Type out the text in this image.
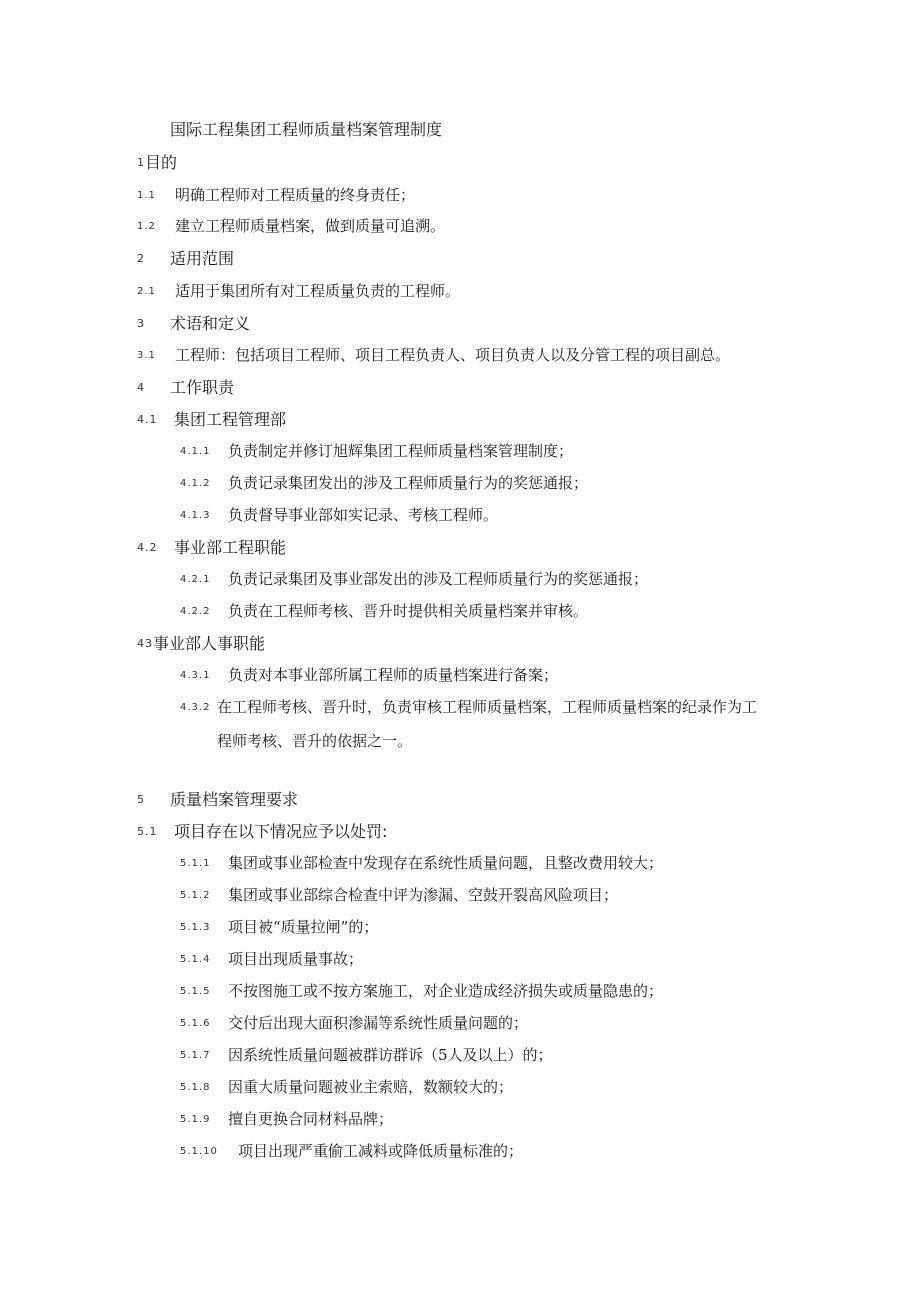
国际工程集团工程师质量档案管理制度
1目的
1.1 明确工程师对工程质量的终身责任；
1.2 建立工程师质量档案，做到质量可追溯。
2 适用范围
2.1 适用于集团所有对工程质量负责的工程师。
3 术语和定义
3.1 工程师：包括项目工程师、项目工程负责人、项目负责人以及分管工程的项目副总。
4 工作职责
4.1 集团工程管理部
4.1.1 负责制定并修订旭辉集团工程师质量档案管理制度；
4.1.2 负责记录集团发出的涉及工程师质量行为的奖惩通报；
4.1.3 负责督导事业部如实记录、考核工程师。
4.2 事业部工程职能
4.2.1 负责记录集团及事业部发出的涉及工程师质量行为的奖惩通报；
4.2.2 负责在工程师考核、晋升时提供相关质量档案并审核。
43事业部人事职能
4.3.1 负责对本事业部所属工程师的质量档案进行备案；
4.3.2 在工程师考核、晋升时，负责审核工程师质量档案，工程师质量档案的纪录作为工
程师考核、晋升的依据之一。
5 质量档案管理要求
5.1 项目存在以下情况应予以处罚:
5.1.1 集团或事业部检查中发现存在系统性质量问题，且整改费用较大；
5.1.2 集团或事业部综合检查中评为渗漏、空鼓开裂高风险项目；
5.1.3 项目被“质量拉闸”的；
5.1.4 项目出现质量事故；
5.1.5 不按图施工或不按方案施工，对企业造成经济损失或质量隐患的；
5.1.6 交付后出现大面积渗漏等系统性质量问题的；
5.1.7 因系统性质量问题被群访群诉（5人及以上）的；
5.1.8 因重大质量问题被业主索赔，数额较大的；
5.1.9 擅自更换合同材料品牌；
5.1.10 项目出现严重偷工减料或降低质量标准的；
